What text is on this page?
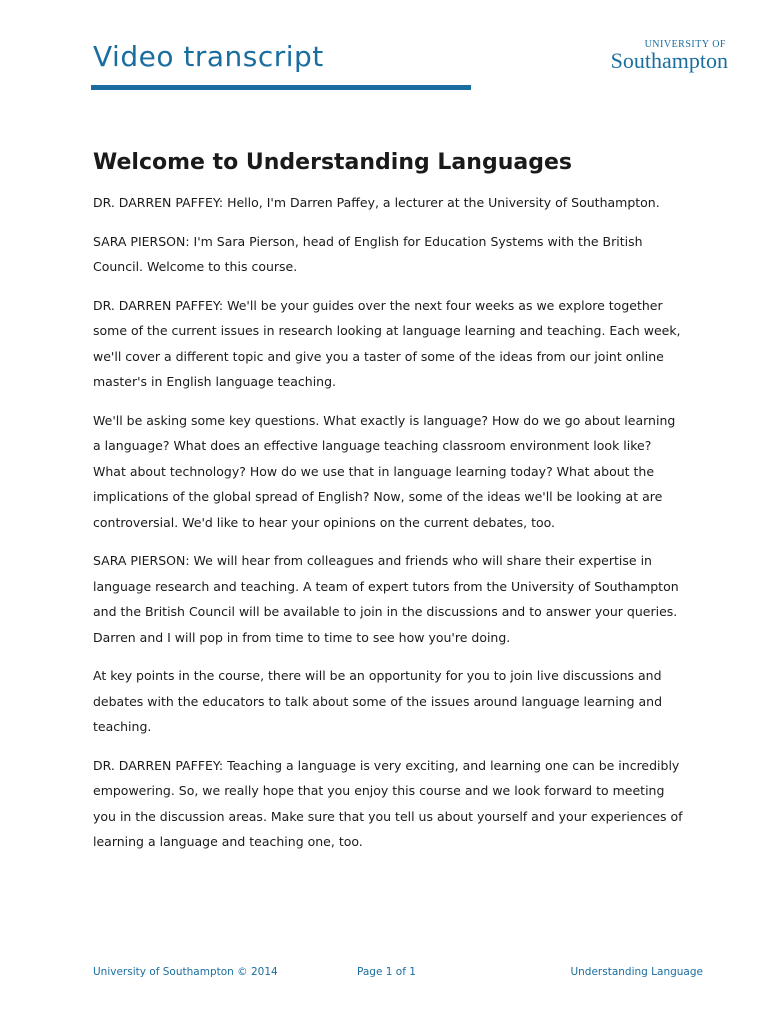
Video transcript	UNIVERSITY OF
Southampton
Welcome to Understanding Languages

DR. DARREN PAFFEY: Hello, I'm Darren Paffey, a lecturer at the University of Southampton.

SARA PIERSON: I'm Sara Pierson, head of English for Education Systems with the British Council. Welcome to this course.

DR. DARREN PAFFEY: We'll be your guides over the next four weeks as we explore together some of the current issues in research looking at language learning and teaching. Each week, we'll cover a different topic and give you a taster of some of the ideas from our joint online master's in English language teaching.

We'll be asking some key questions. What exactly is language? How do we go about learning a language? What does an effective language teaching classroom environment look like? What about technology? How do we use that in language learning today? What about the implications of the global spread of English? Now, some of the ideas we'll be looking at are controversial. We'd like to hear your opinions on the current debates, too.

SARA PIERSON: We will hear from colleagues and friends who will share their expertise in language research and teaching. A team of expert tutors from the University of Southampton and the British Council will be available to join in the discussions and to answer your queries. Darren and I will pop in from time to time to see how you're doing.

At key points in the course, there will be an opportunity for you to join live discussions and debates with the educators to talk about some of the issues around language learning and teaching.

DR. DARREN PAFFEY: Teaching a language is very exciting, and learning one can be incredibly empowering. So, we really hope that you enjoy this course and we look forward to meeting you in the discussion areas. Make sure that you tell us about yourself and your experiences of learning a language and teaching one, too.

University of Southampton © 2014	Page 1 of 1	Understanding Language
